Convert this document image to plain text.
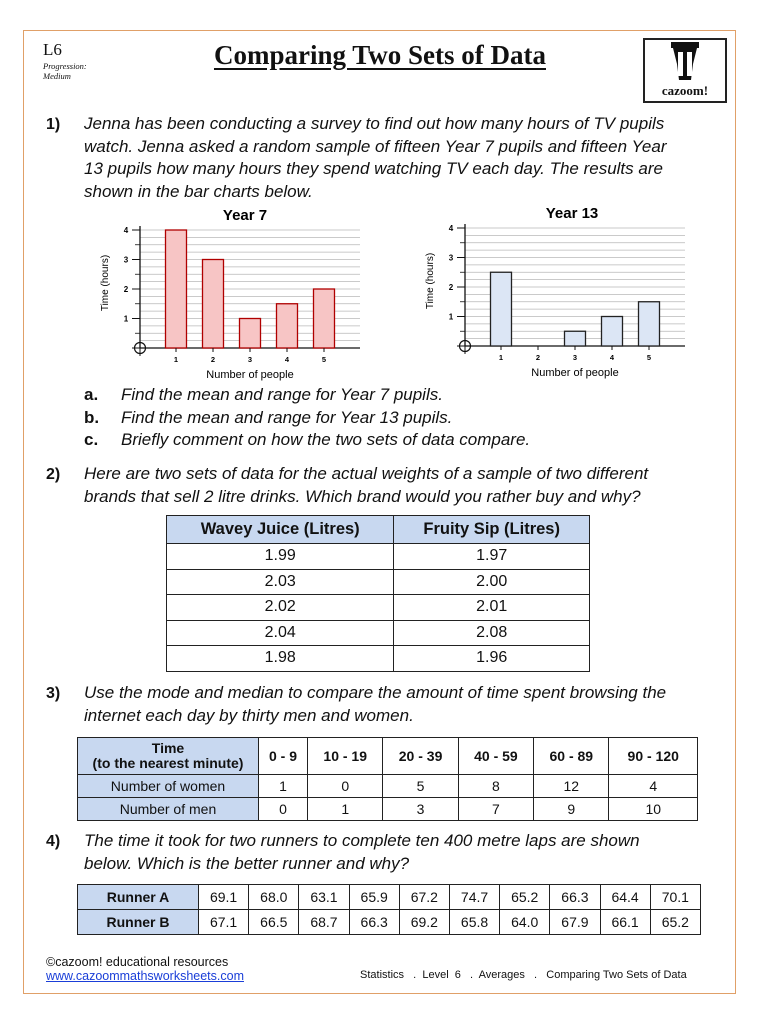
L6
Progression:
Medium
Comparing Two Sets of Data
cazoom!
1) Jenna has been conducting a survey to find out how many hours of TV pupils
watch. Jenna asked a random sample of fifteen Year 7 pupils and fifteen Year
13 pupils how many hours they spend watching TV each day. The results are
shown in the bar charts below.
Year 7
1
2
3
4
1	2	3	4	5
Number of people
Time (hours)
Year 13
1
2
3
4
1	2	3	4	5
Number of people
Time (hours)
a. Find the mean and range for Year 7 pupils.
b. Find the mean and range for Year 13 pupils.
c. Briefly comment on how the two sets of data compare.
2) Here are two sets of data for the actual weights of a sample of two different
brands that sell 2 litre drinks. Which brand would you rather buy and why?
Wavey Juice (Litres)	Fruity Sip (Litres)
1.99	1.97
2.03	2.00
2.02	2.01
2.04	2.08
1.98	1.96
3) Use the mode and median to compare the amount of time spent browsing the
internet each day by thirty men and women.
Time
(to the nearest minute)	0 - 9	10 - 19	20 - 39	40 - 59	60 - 89	90 - 120
Number of women	1	0	5	8	12	4
Number of men	0	1	3	7	9	10
4) The time it took for two runners to complete ten 400 metre laps are shown
below. Which is the better runner and why?
Runner A	69.1	68.0	63.1	65.9	67.2	74.7	65.2	66.3	64.4	70.1
Runner B	67.1	66.5	68.7	66.3	69.2	65.8	64.0	67.9	66.1	65.2
©cazoom! educational resources
www.cazoommathsworksheets.com	Statistics   .  Level  6   .  Averages   .   Comparing Two Sets of Data
